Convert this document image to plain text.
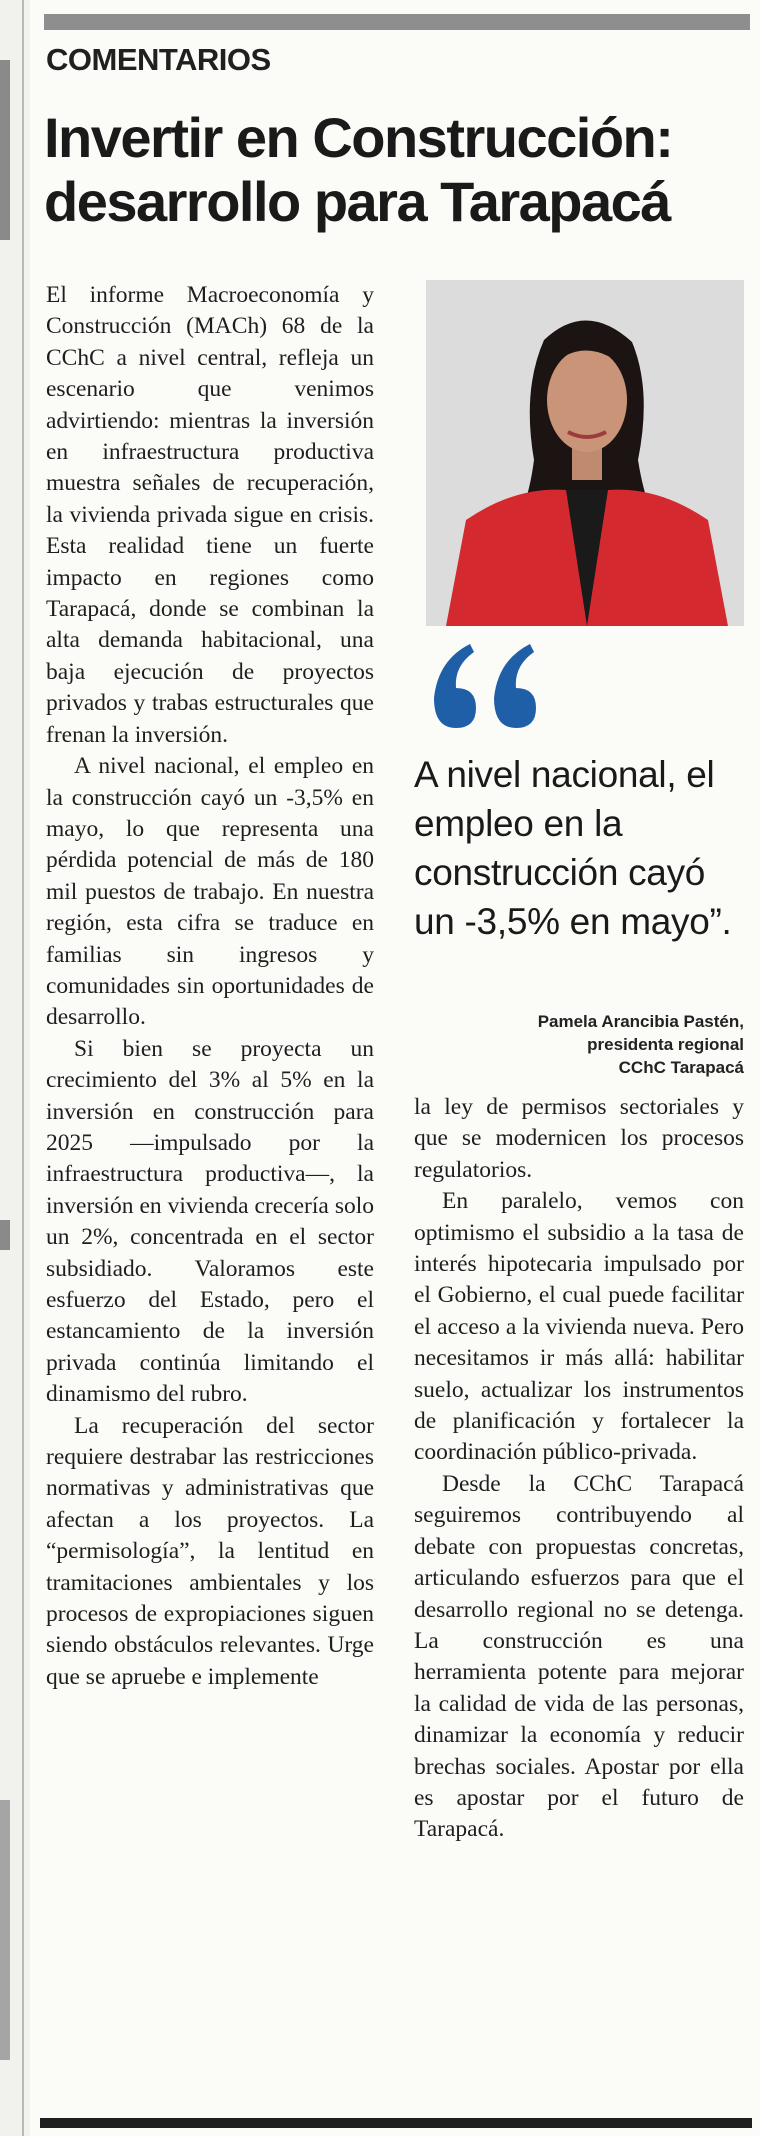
COMENTARIOS
Invertir en Construcción:
desarrollo para Tarapacá

El informe Macroeconomía y Construcción (MACh) 68 de la CChC a nivel central, refleja un escenario que venimos advirtiendo: mientras la inversión en infraestructura productiva muestra señales de recuperación, la vivienda privada sigue en crisis. Esta realidad tiene un fuerte impacto en regiones como Tarapacá, donde se combinan la alta demanda habitacional, una baja ejecución de proyectos privados y trabas estructurales que frenan la inversión.

A nivel nacional, el empleo en la construcción cayó un -3,5% en mayo, lo que representa una pérdida potencial de más de 180 mil puestos de trabajo. En nuestra región, esta cifra se traduce en familias sin ingresos y comunidades sin oportunidades de desarrollo.

Si bien se proyecta un crecimiento del 3% al 5% en la inversión en construcción para 2025 —impulsado por la infraestructura productiva—, la inversión en vivienda crecería solo un 2%, concentrada en el sector subsidiado. Valoramos este esfuerzo del Estado, pero el estancamiento de la inversión privada continúa limitando el dinamismo del rubro.

La recuperación del sector requiere destrabar las restricciones normativas y administrativas que afectan a los proyectos. La “permisología”, la lentitud en tramitaciones ambientales y los procesos de expropiaciones siguen siendo obstáculos relevantes. Urge que se apruebe e implemente

A nivel nacional, el empleo en la construcción cayó un -3,5% en mayo”.

Pamela Arancibia Pastén,
presidenta regional
CChC Tarapacá

la ley de permisos sectoriales y que se modernicen los procesos regulatorios.

En paralelo, vemos con optimismo el subsidio a la tasa de interés hipotecaria impulsado por el Gobierno, el cual puede facilitar el acceso a la vivienda nueva. Pero necesitamos ir más allá: habilitar suelo, actualizar los instrumentos de planificación y fortalecer la coordinación público-privada.

Desde la CChC Tarapacá seguiremos contribuyendo al debate con propuestas concretas, articulando esfuerzos para que el desarrollo regional no se detenga. La construcción es una herramienta potente para mejorar la calidad de vida de las personas, dinamizar la economía y reducir brechas sociales. Apostar por ella es apostar por el futuro de Tarapacá.
